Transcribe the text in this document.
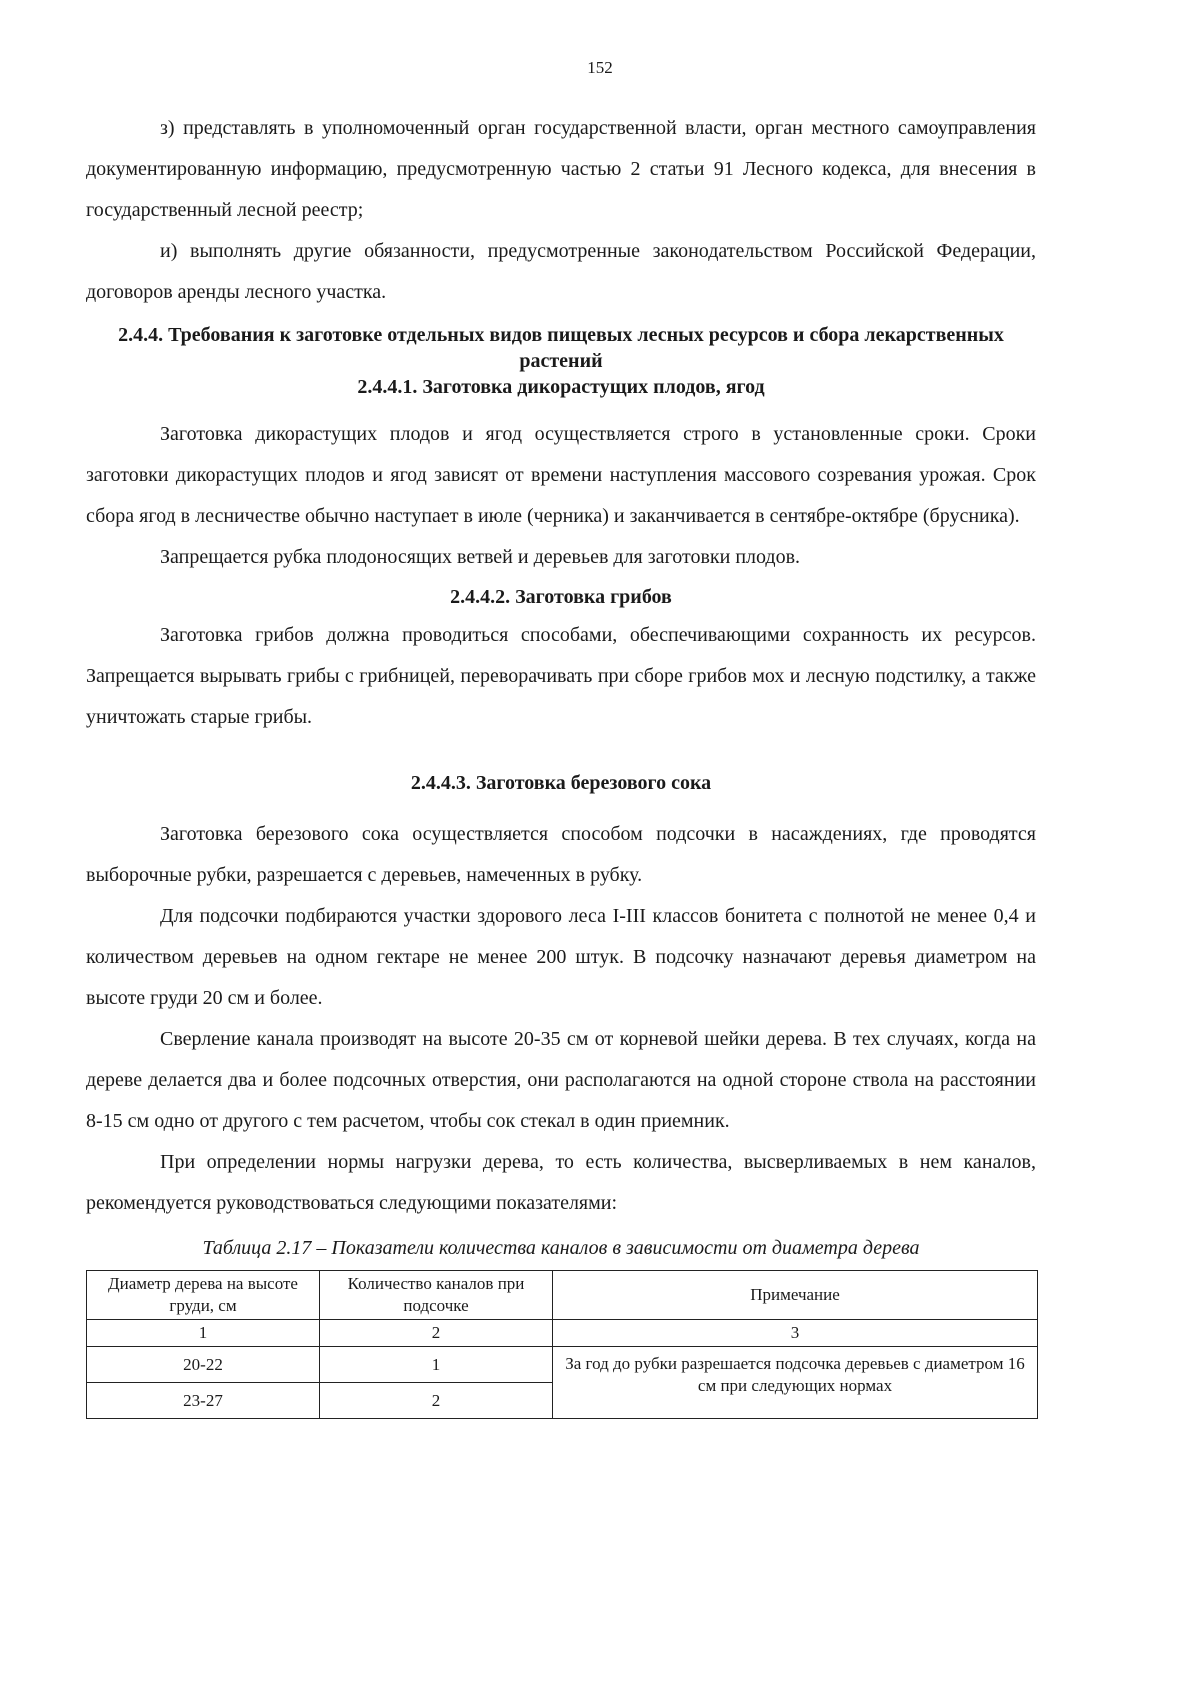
152

з) представлять в уполномоченный орган государственной власти, орган местного самоуправления документированную информацию, предусмотренную частью 2 статьи 91 Лесного кодекса, для внесения в государственный лесной реестр;

и) выполнять другие обязанности, предусмотренные законодательством Российской Федерации, договоров аренды лесного участка.

2.4.4. Требования к заготовке отдельных видов пищевых лесных ресурсов и сбора лекарственных растений

2.4.4.1. Заготовка дикорастущих плодов, ягод

Заготовка дикорастущих плодов и ягод осуществляется строго в установленные сроки. Сроки заготовки дикорастущих плодов и ягод зависят от времени наступления массового созревания урожая. Срок сбора ягод в лесничестве обычно наступает в июле (черника) и заканчивается в сентябре-октябре (брусника).

Запрещается рубка плодоносящих ветвей и деревьев для заготовки плодов.

2.4.4.2. Заготовка грибов

Заготовка грибов должна проводиться способами, обеспечивающими сохранность их ресурсов. Запрещается вырывать грибы с грибницей, переворачивать при сборе грибов мох и лесную подстилку, а также уничтожать старые грибы.

2.4.4.3. Заготовка березового сока

Заготовка березового сока осуществляется способом подсочки в насаждениях, где проводятся выборочные рубки, разрешается с деревьев, намеченных в рубку.

Для подсочки подбираются участки здорового леса I-III классов бонитета с полнотой не менее 0,4 и количеством деревьев на одном гектаре не менее 200 штук. В подсочку назначают деревья диаметром на высоте груди 20 см и более.

Сверление канала производят на высоте 20-35 см от корневой шейки дерева. В тех случаях, когда на дереве делается два и более подсочных отверстия, они располагаются на одной стороне ствола на расстоянии 8-15 см одно от другого с тем расчетом, чтобы сок стекал в один приемник.

При определении нормы нагрузки дерева, то есть количества, высверливаемых в нем каналов, рекомендуется руководствоваться следующими показателями:

Таблица 2.17 – Показатели количества каналов в зависимости от диаметра дерева

Диаметр дерева на высоте груди, см	Количество каналов при подсочке	Примечание
1	2	3
20-22	1	За год до рубки разрешается подсочка деревьев с диаметром 16 см при следующих нормах
23-27	2	
